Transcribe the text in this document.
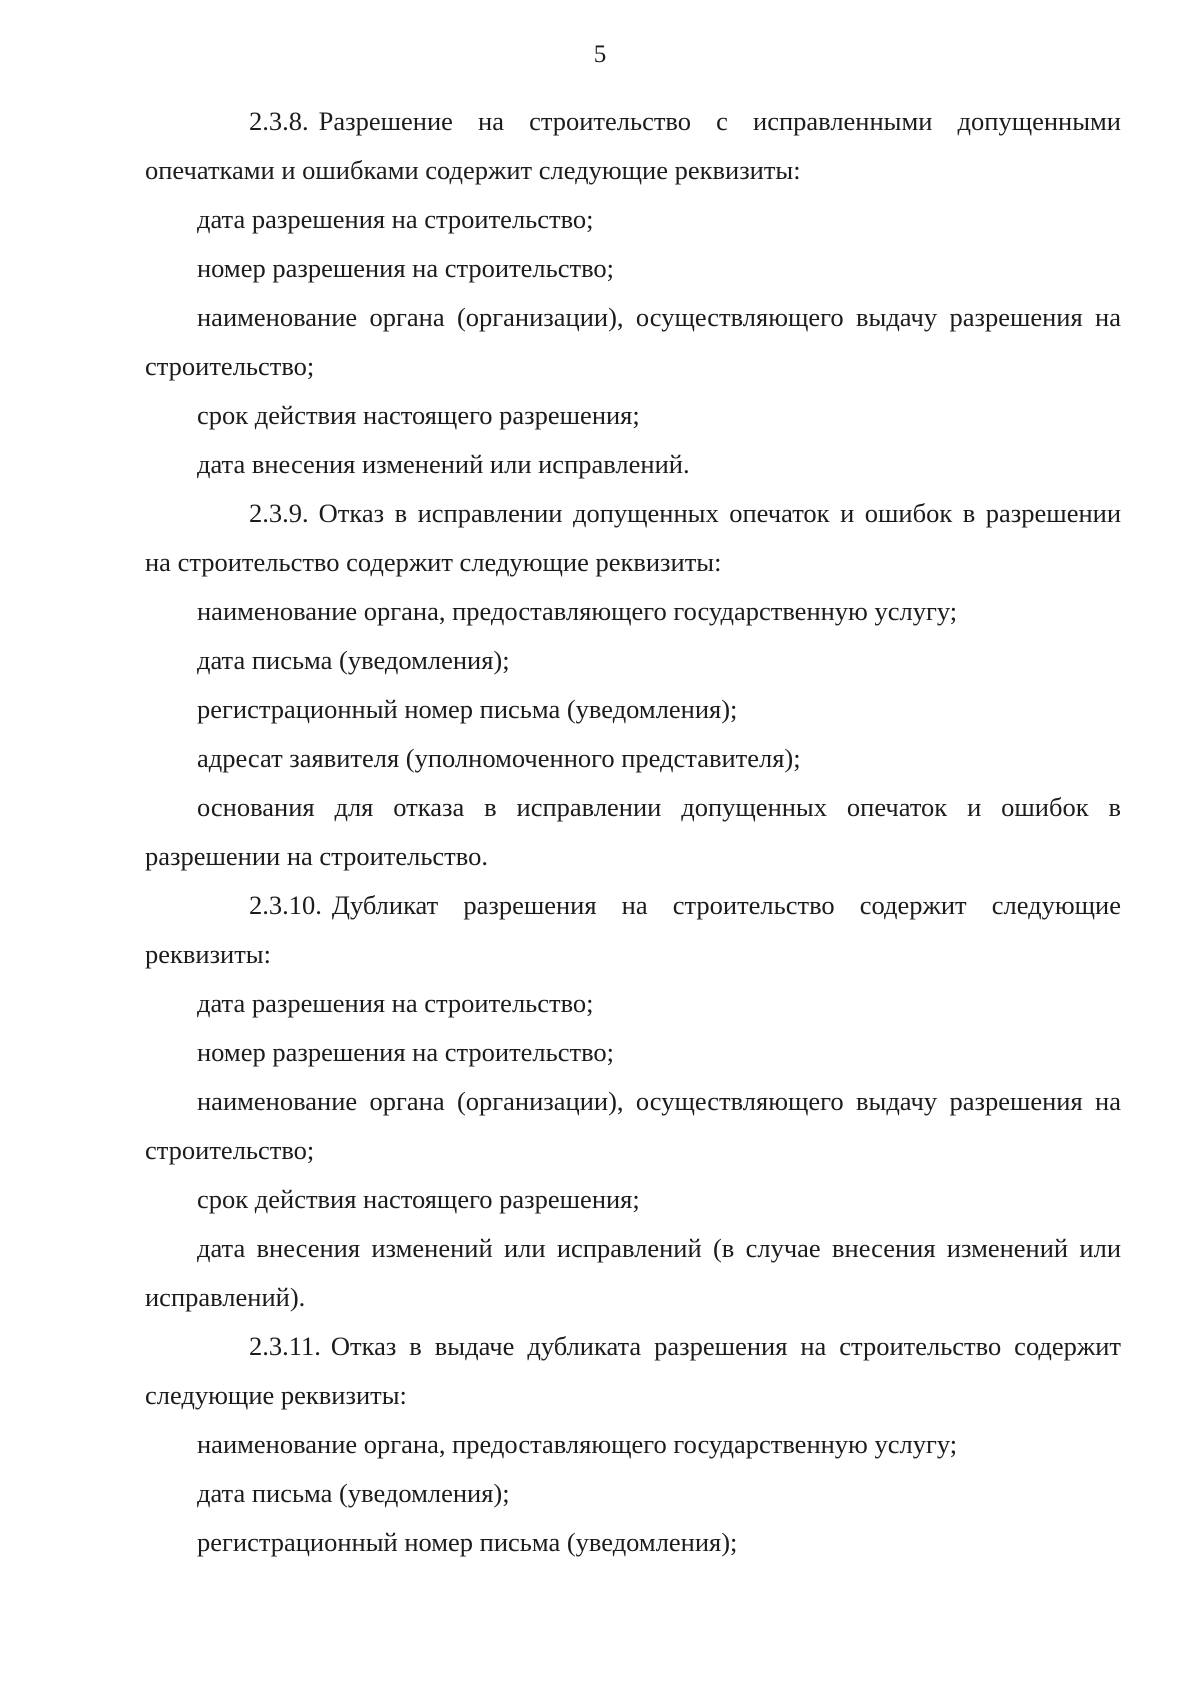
5

2.3.8. Разрешение на строительство с исправленными допущенными опечатками и ошибками содержит следующие реквизиты:

дата разрешения на строительство;

номер разрешения на строительство;

наименование органа (организации), осуществляющего выдачу разрешения на строительство;

срок действия настоящего разрешения;

дата внесения изменений или исправлений.

2.3.9. Отказ в исправлении допущенных опечаток и ошибок в разрешении на строительство содержит следующие реквизиты:

наименование органа, предоставляющего государственную услугу;

дата письма (уведомления);

регистрационный номер письма (уведомления);

адресат заявителя (уполномоченного представителя);

основания для отказа в исправлении допущенных опечаток и ошибок в разрешении на строительство.

2.3.10. Дубликат разрешения на строительство содержит следующие реквизиты:

дата разрешения на строительство;

номер разрешения на строительство;

наименование органа (организации), осуществляющего выдачу разрешения на строительство;

срок действия настоящего разрешения;

дата внесения изменений или исправлений (в случае внесения изменений или исправлений).

2.3.11. Отказ в выдаче дубликата разрешения на строительство содержит следующие реквизиты:

наименование органа, предоставляющего государственную услугу;

дата письма (уведомления);

регистрационный номер письма (уведомления);
